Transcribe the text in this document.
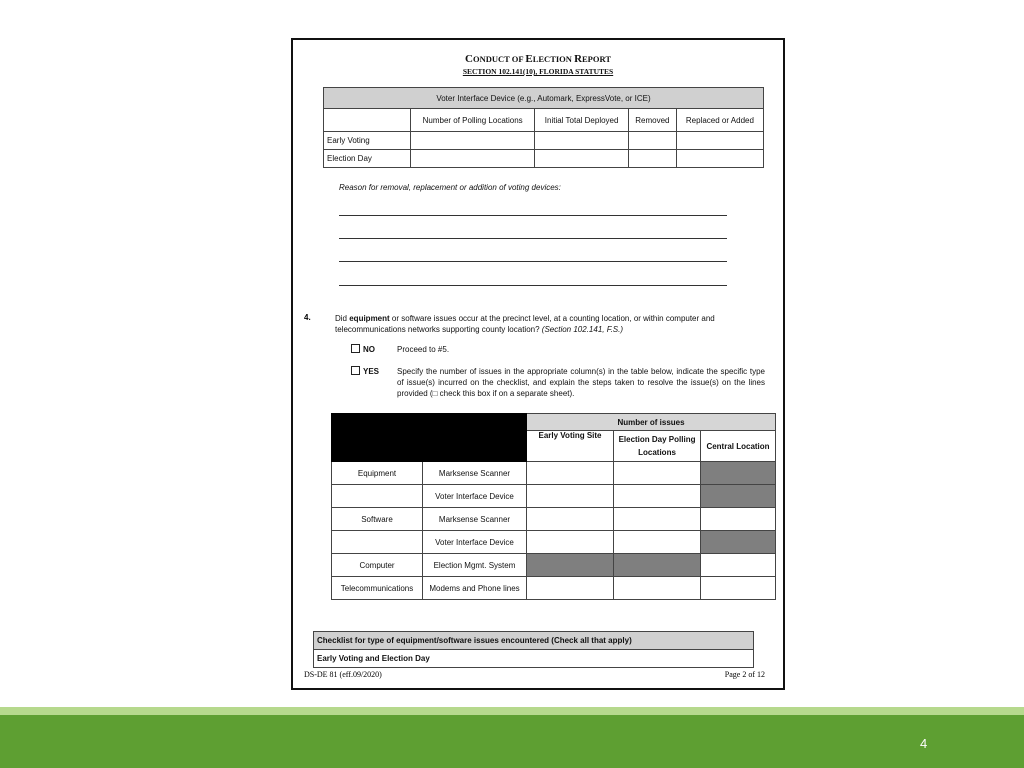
CONDUCT OF ELECTION REPORT
SECTION 102.141(10), FLORIDA STATUTES
Voter Interface Device (e.g., Automark, ExpressVote, or ICE)				
	Number of Polling Locations	Initial Total Deployed	Removed	Replaced or Added
Early Voting				
Election Day				
Reason for removal, replacement or addition of voting devices:
4.	Did equipment or software issues occur at the precinct level, at a counting location, or within computer and telecommunications networks supporting county location? (Section 102.141, F.S.)
NO	Proceed to #5.
YES Specify the number of issues in the appropriate column(s) in the table below, indicate the specific type of issue(s) incurred on the checklist, and explain the steps taken to resolve the issue(s) on the lines provided (□ check this box if on a separate sheet).
		Number of issues		
		Early Voting Site	Election Day Polling Locations	Central Location
Equipment	Marksense Scanner			
	Voter Interface Device			
Software	Marksense Scanner			
	Voter Interface Device			
Computer	Election Mgmt. System			
Telecommunications	Modems and Phone lines			
Checklist for type of equipment/software issues encountered (Check all that apply)
Early Voting and Election Day
DS-DE 81 (eff.09/2020)	Page 2 of 12
4
